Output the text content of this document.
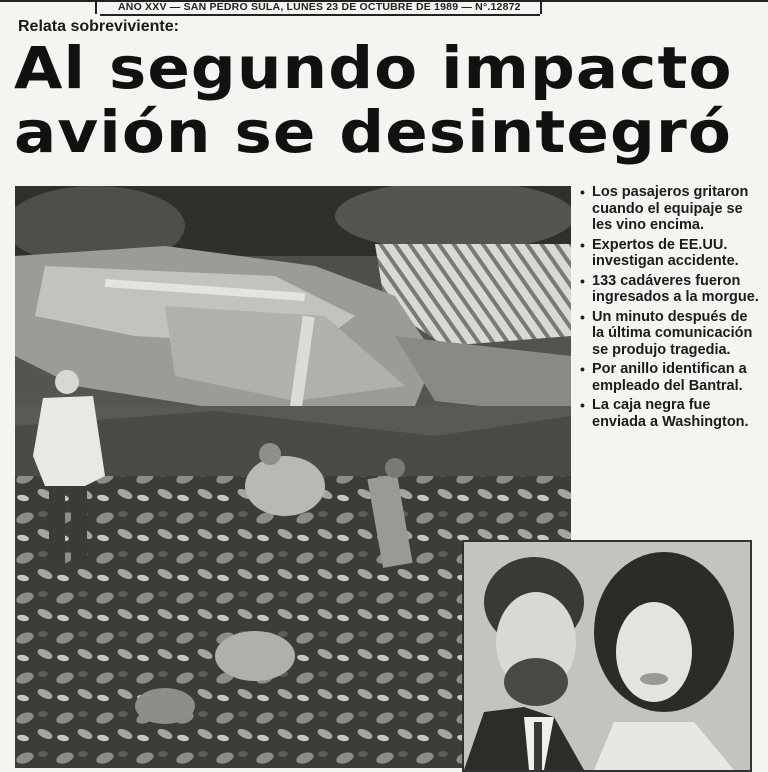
AÑO XXV — SAN PEDRO SULA, LUNES 23 DE OCTUBRE DE 1989 — N°.12872
Relata sobreviviente:
Al segundo impacto
avión se desintegró
• Los pasajeros gritaron cuando el equipaje se les vino encima.
• Expertos de EE.UU. investigan accidente.
• 133 cadáveres fueron ingresados a la morgue.
• Un minuto después de la última comunicación se produjo tragedia.
• Por anillo identifican a empleado del Bantral.
• La caja negra fue enviada a Washington.
